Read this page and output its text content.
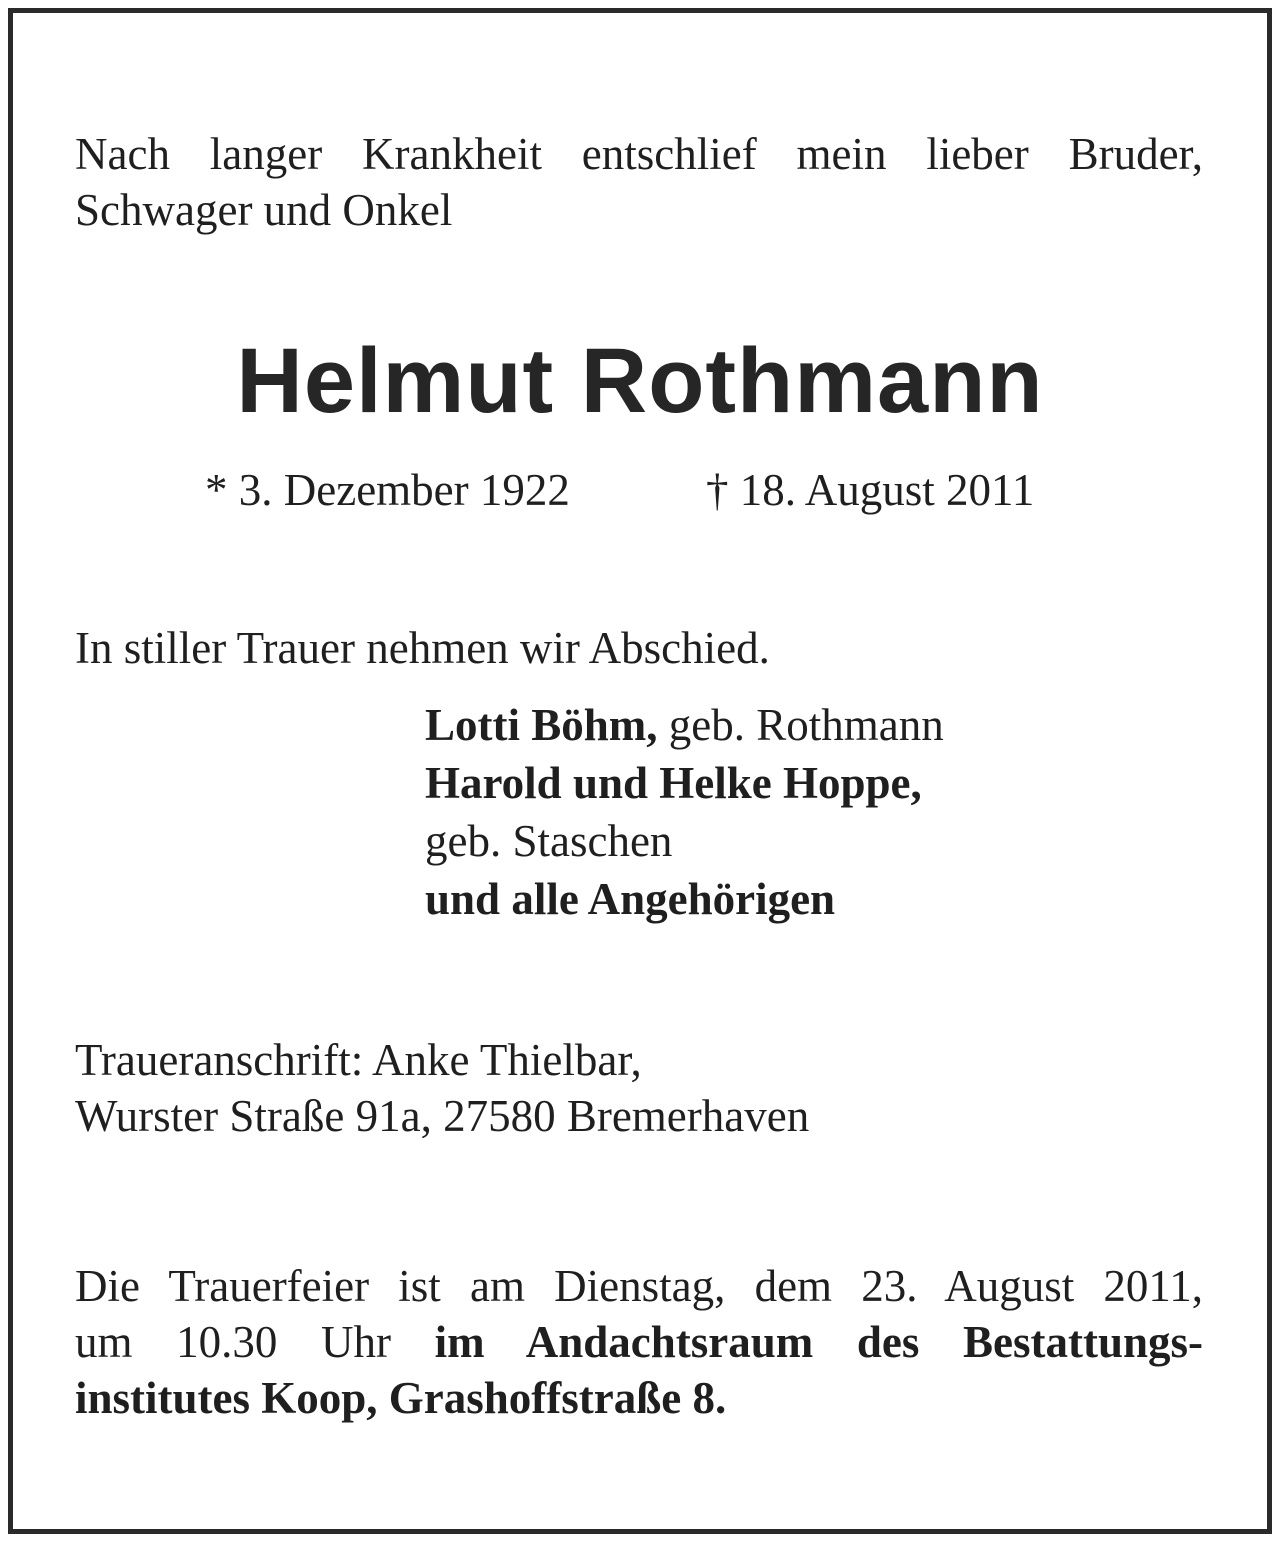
Nach langer Krankheit entschlief mein lieber Bruder,
Schwager und Onkel
Helmut Rothmann
* 3. Dezember 1922	† 18. August 2011
In stiller Trauer nehmen wir Abschied.
Lotti Böhm, geb. Rothmann
Harold und Helke Hoppe,
geb. Staschen
und alle Angehörigen
Traueranschrift: Anke Thielbar,
Wurster Straße 91a, 27580 Bremerhaven

Die Trauerfeier ist am Dienstag, dem 23. August 2011,

um 10.30 Uhr im Andachtsraum des Bestattungs-

institutes Koop, Grashoffstraße 8.
